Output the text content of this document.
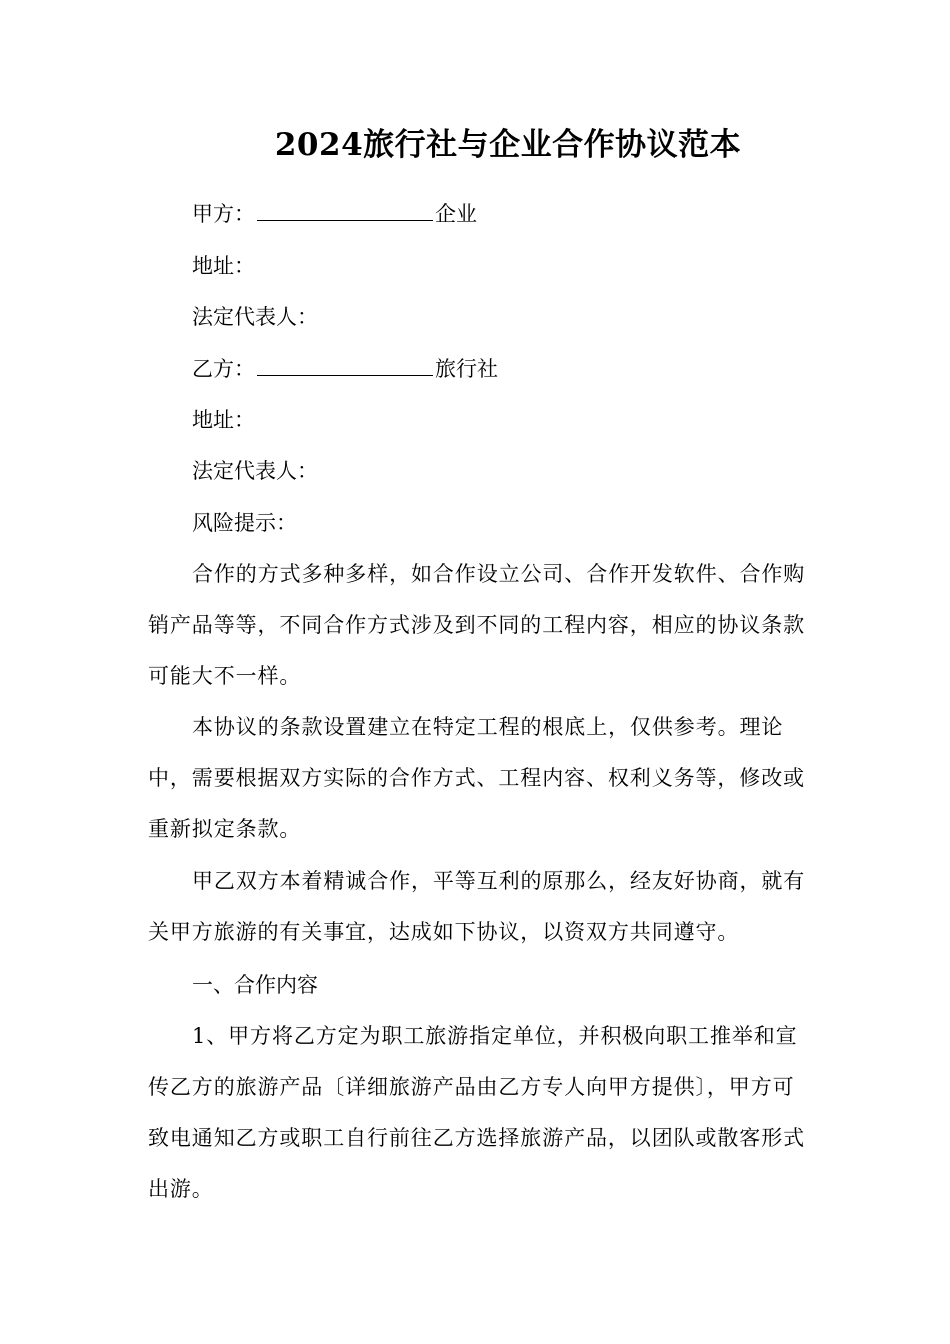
2024旅行社与企业合作协议范本

甲方：	企业

地址：

法定代表人：

乙方：	旅行社

地址：

法定代表人：

风险提示：

合作的方式多种多样，如合作设立公司、合作开发软件、合作购销产品等等，不同合作方式涉及到不同的工程内容，相应的协议条款可能大不一样。

本协议的条款设置建立在特定工程的根底上，仅供参考。理论中，需要根据双方实际的合作方式、工程内容、权利义务等，修改或重新拟定条款。

甲乙双方本着精诚合作，平等互利的原那么，经友好协商，就有关甲方旅游的有关事宜，达成如下协议，以资双方共同遵守。

一、合作内容

1、甲方将乙方定为职工旅游指定单位，并积极向职工推举和宣传乙方的旅游产品〔详细旅游产品由乙方专人向甲方提供〕，甲方可致电通知乙方或职工自行前往乙方选择旅游产品，以团队或散客形式出游。
